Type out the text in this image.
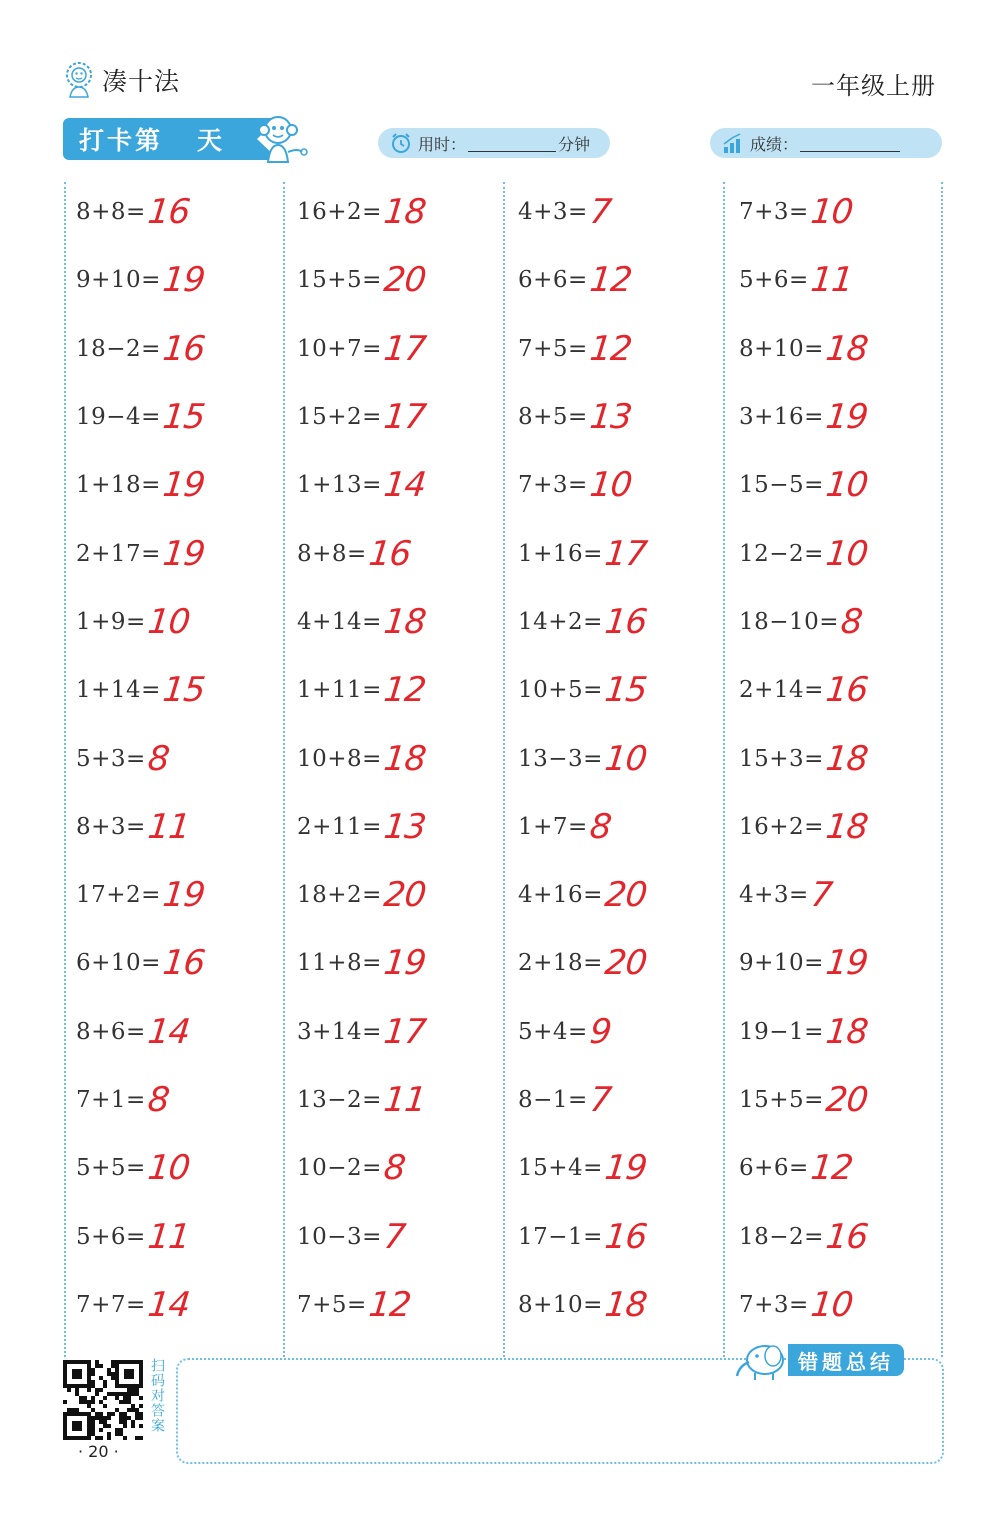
凑十法	一年级上册
打卡第 天	用时：	分钟	成绩：
8+8= 16
9+10= 19
18−2= 16
19−4= 15
1+18= 19
2+17= 19
1+9= 10
1+14= 15
5+3= 8
8+3= 11
17+2= 19
6+10= 16
8+6= 14
7+1= 8
5+5= 10
5+6= 11
7+7= 14
16+2= 18
15+5= 20
10+7= 17
15+2= 17
1+13= 14
8+8= 16
4+14= 18
1+11= 12
10+8= 18
2+11= 13
18+2= 20
11+8= 19
3+14= 17
13−2= 11
10−2= 8
10−3= 7
7+5= 12
4+3= 7
6+6= 12
7+5= 12
8+5= 13
7+3= 10
1+16= 17
14+2= 16
10+5= 15
13−3= 10
1+7= 8
4+16= 20
2+18= 20
5+4= 9
8−1= 7
15+4= 19
17−1= 16
8+10= 18
7+3= 10
5+6= 11
8+10= 18
3+16= 19
15−5= 10
12−2= 10
18−10= 8
2+14= 16
15+3= 18
16+2= 18
4+3= 7
9+10= 19
19−1= 18
15+5= 20
6+6= 12
18−2= 16
7+3= 10
错题总结
扫码对答案
· 20 ·
